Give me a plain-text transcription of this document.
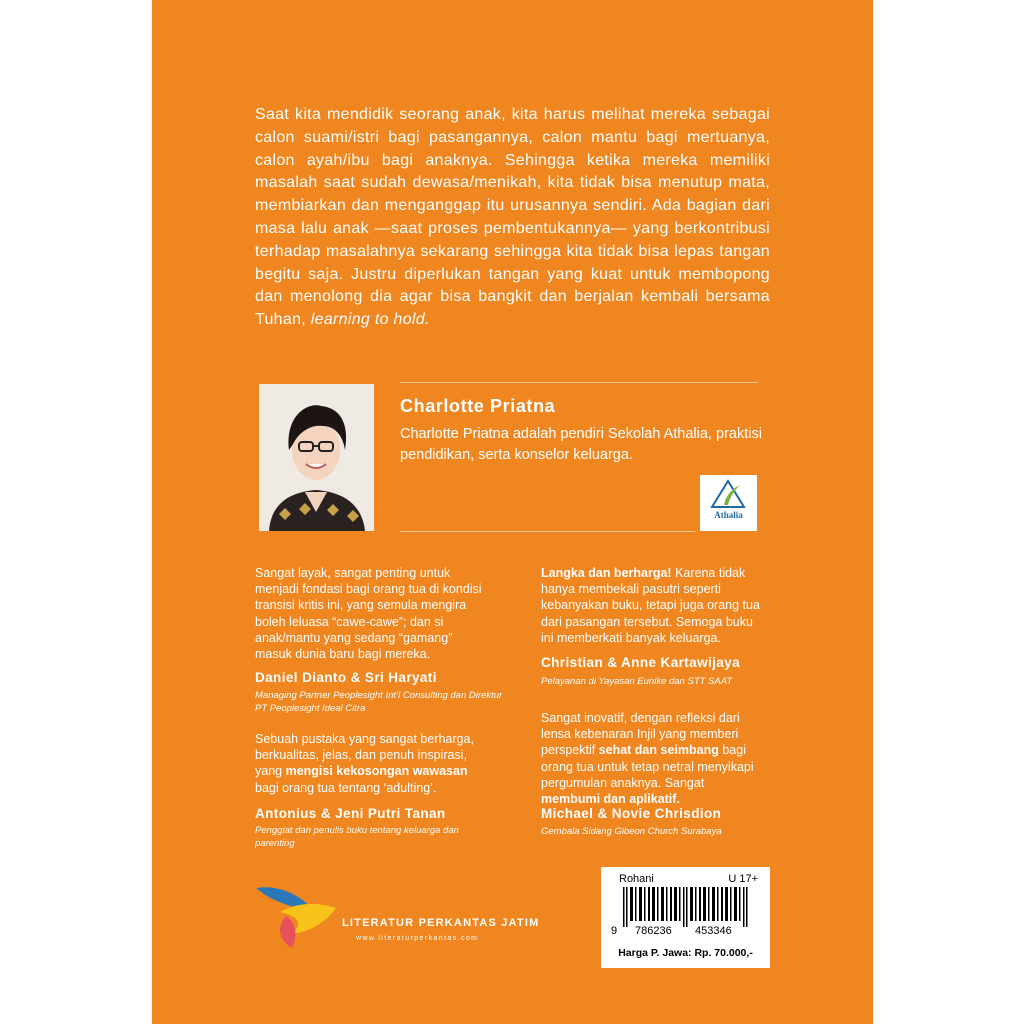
Saat kita mendidik seorang anak, kita harus melihat mereka sebagai calon suami/istri bagi pasangannya, calon mantu bagi mertuanya, calon ayah/ibu bagi anaknya. Sehingga ketika mereka memiliki masalah saat sudah dewasa/menikah, kita tidak bisa menutup mata, membiarkan dan menganggap itu urusannya sendiri. Ada bagian dari masa lalu anak —saat proses pembentukannya— yang berkontribusi terhadap masalahnya sekarang sehingga kita tidak bisa lepas tangan begitu saja. Justru diperlukan tangan yang kuat untuk membopong dan menolong dia agar bisa bangkit dan berjalan kembali bersama Tuhan, learning to hold.

Charlotte Priatna

Charlotte Priatna adalah pendiri Sekolah Athalia, praktisi pendidikan, serta konselor keluarga.

Athalia

Sangat layak, sangat penting untuk menjadi fondasi bagi orang tua di kondisi transisi kritis ini, yang semula mengira boleh leluasa “cawe-cawe”; dan si anak/mantu yang sedang “gamang” masuk dunia baru bagi mereka.

Daniel Dianto & Sri Haryati

Managing Partner Peoplesight Int’l Consulting dan Direktur PT Peoplesight Ideal Citra

Sebuah pustaka yang sangat berharga, berkualitas, jelas, dan penuh inspirasi, yang mengisi kekosongan wawasan bagi orang tua tentang ‘adulting’.

Antonius & Jeni Putri Tanan

Penggiat dan penulis buku tentang keluarga dan parenting

Langka dan berharga! Karena tidak hanya membekali pasutri seperti kebanyakan buku, tetapi juga orang tua dari pasangan tersebut. Semoga buku ini memberkati banyak keluarga.

Christian & Anne Kartawijaya

Pelayanan di Yayasan Eunike dan STT SAAT

Sangat inovatif, dengan refleksi dari lensa kebenaran Injil yang memberi perspektif sehat dan seimbang bagi orang tua untuk tetap netral menyikapi pergumulan anaknya. Sangat membumi dan aplikatif.

Michael & Novie Chrisdion

Gembala Sidang Gibeon Church Surabaya

LITERATUR PERKANTAS JATIM
www.literaturperkantas.com
Rohani	U 17+
9 786236 453346
Harga P. Jawa: Rp. 70.000,-
